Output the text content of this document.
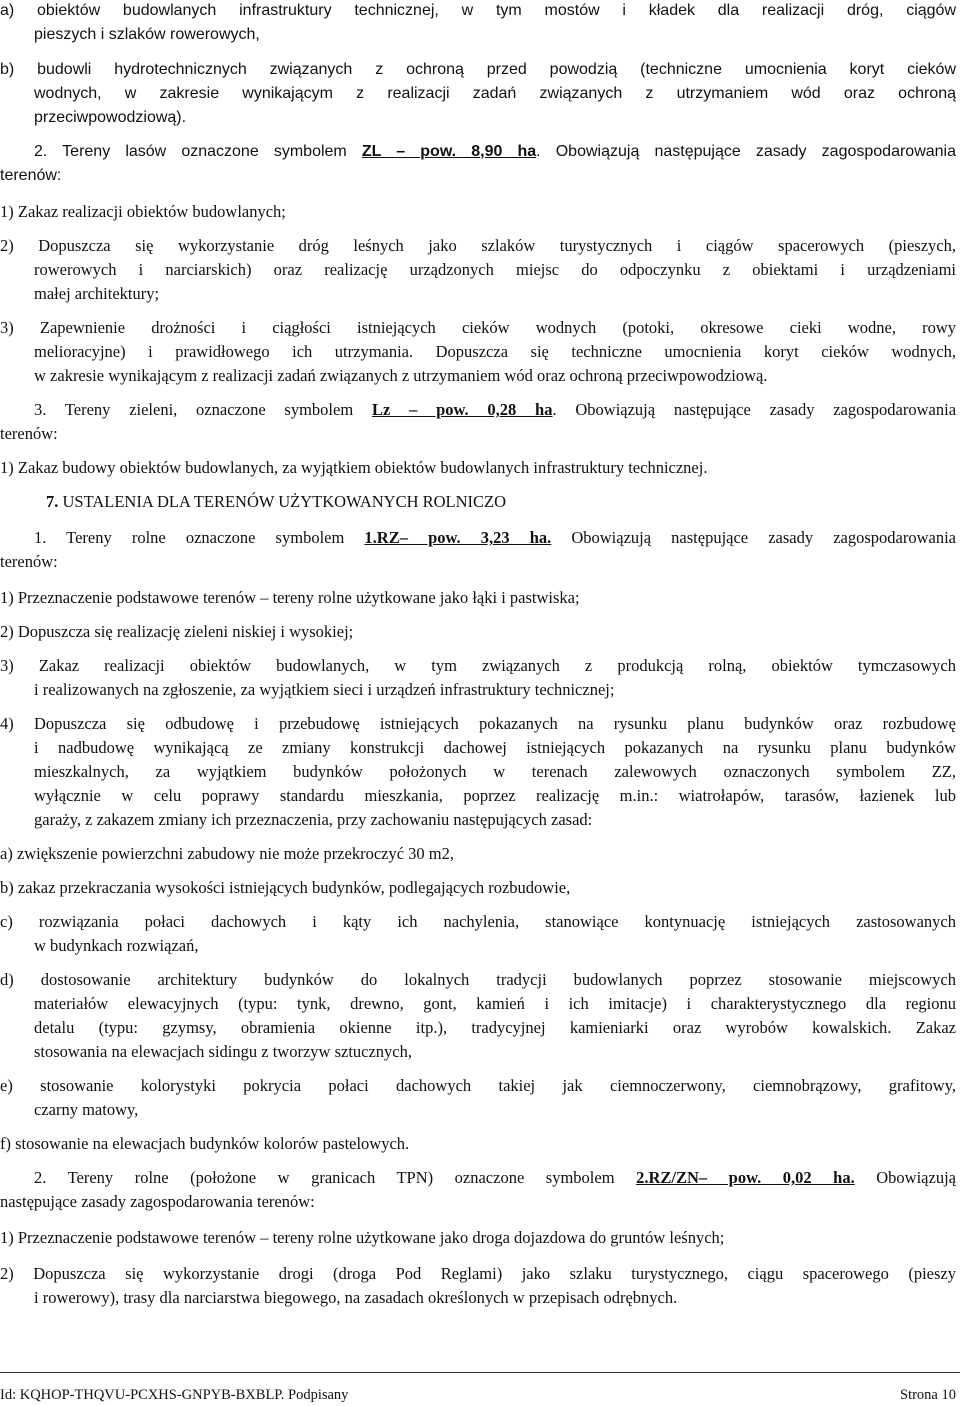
a) obiektów budowlanych infrastruktury technicznej, w tym mostów i kładek dla realizacji dróg, ciągów
pieszych i szlaków rowerowych,
b) budowli hydrotechnicznych związanych z ochroną przed powodzią (techniczne umocnienia koryt cieków
wodnych, w zakresie wynikającym z realizacji zadań związanych z utrzymaniem wód oraz ochroną
przeciwpowodziową).
2. Tereny lasów oznaczone symbolem ZL – pow. 8,90 ha. Obowiązują następujące zasady zagospodarowania
terenów:
1) Zakaz realizacji obiektów budowlanych;
2) Dopuszcza się wykorzystanie dróg leśnych jako szlaków turystycznych i ciągów spacerowych (pieszych,
rowerowych i narciarskich) oraz realizację urządzonych miejsc do odpoczynku z obiektami i urządzeniami
małej architektury;
3) Zapewnienie drożności i ciągłości istniejących cieków wodnych (potoki, okresowe cieki wodne, rowy
melioracyjne) i prawidłowego ich utrzymania. Dopuszcza się techniczne umocnienia koryt cieków wodnych,
w zakresie wynikającym z realizacji zadań związanych z utrzymaniem wód oraz ochroną przeciwpowodziową.
3. Tereny zieleni, oznaczone symbolem Lz – pow. 0,28 ha. Obowiązują następujące zasady zagospodarowania
terenów:
1) Zakaz budowy obiektów budowlanych, za wyjątkiem obiektów budowlanych infrastruktury technicznej.
7. USTALENIA DLA TERENÓW UŻYTKOWANYCH ROLNICZO
1. Tereny rolne oznaczone symbolem 1.RZ– pow. 3,23 ha. Obowiązują następujące zasady zagospodarowania
terenów:
1) Przeznaczenie podstawowe terenów – tereny rolne użytkowane jako łąki i pastwiska;
2) Dopuszcza się realizację zieleni niskiej i wysokiej;
3) Zakaz realizacji obiektów budowlanych, w tym związanych z produkcją rolną, obiektów tymczasowych
i realizowanych na zgłoszenie, za wyjątkiem sieci i urządzeń infrastruktury technicznej;
4) Dopuszcza się odbudowę i przebudowę istniejących pokazanych na rysunku planu budynków oraz rozbudowę
i nadbudowę wynikającą ze zmiany konstrukcji dachowej istniejących pokazanych na rysunku planu budynków
mieszkalnych, za wyjątkiem budynków położonych w terenach zalewowych oznaczonych symbolem ZZ,
wyłącznie w celu poprawy standardu mieszkania, poprzez realizację m.in.: wiatrołapów, tarasów, łazienek lub
garaży, z zakazem zmiany ich przeznaczenia, przy zachowaniu następujących zasad:
a) zwiększenie powierzchni zabudowy nie może przekroczyć 30 m2,
b) zakaz przekraczania wysokości istniejących budynków, podlegających rozbudowie,
c) rozwiązania połaci dachowych i kąty ich nachylenia, stanowiące kontynuację istniejących zastosowanych
w budynkach rozwiązań,
d) dostosowanie architektury budynków do lokalnych tradycji budowlanych poprzez stosowanie miejscowych
materiałów elewacyjnych (typu: tynk, drewno, gont, kamień i ich imitacje) i charakterystycznego dla regionu
detalu (typu: gzymsy, obramienia okienne itp.), tradycyjnej kamieniarki oraz wyrobów kowalskich. Zakaz
stosowania na elewacjach sidingu z tworzyw sztucznych,
e) stosowanie kolorystyki pokrycia połaci dachowych takiej jak ciemnoczerwony, ciemnobrązowy, grafitowy,
czarny matowy,
f) stosowanie na elewacjach budynków kolorów pastelowych.
2. Tereny rolne (położone w granicach TPN) oznaczone symbolem 2.RZ/ZN– pow. 0,02 ha. Obowiązują
następujące zasady zagospodarowania terenów:
1) Przeznaczenie podstawowe terenów – tereny rolne użytkowane jako droga dojazdowa do gruntów leśnych;
2) Dopuszcza się wykorzystanie drogi (droga Pod Reglami) jako szlaku turystycznego, ciągu spacerowego (pieszy
i rowerowy), trasy dla narciarstwa biegowego, na zasadach określonych w przepisach odrębnych.
Id: KQHOP-THQVU-PCXHS-GNPYB-BXBLP. Podpisany	Strona 10
